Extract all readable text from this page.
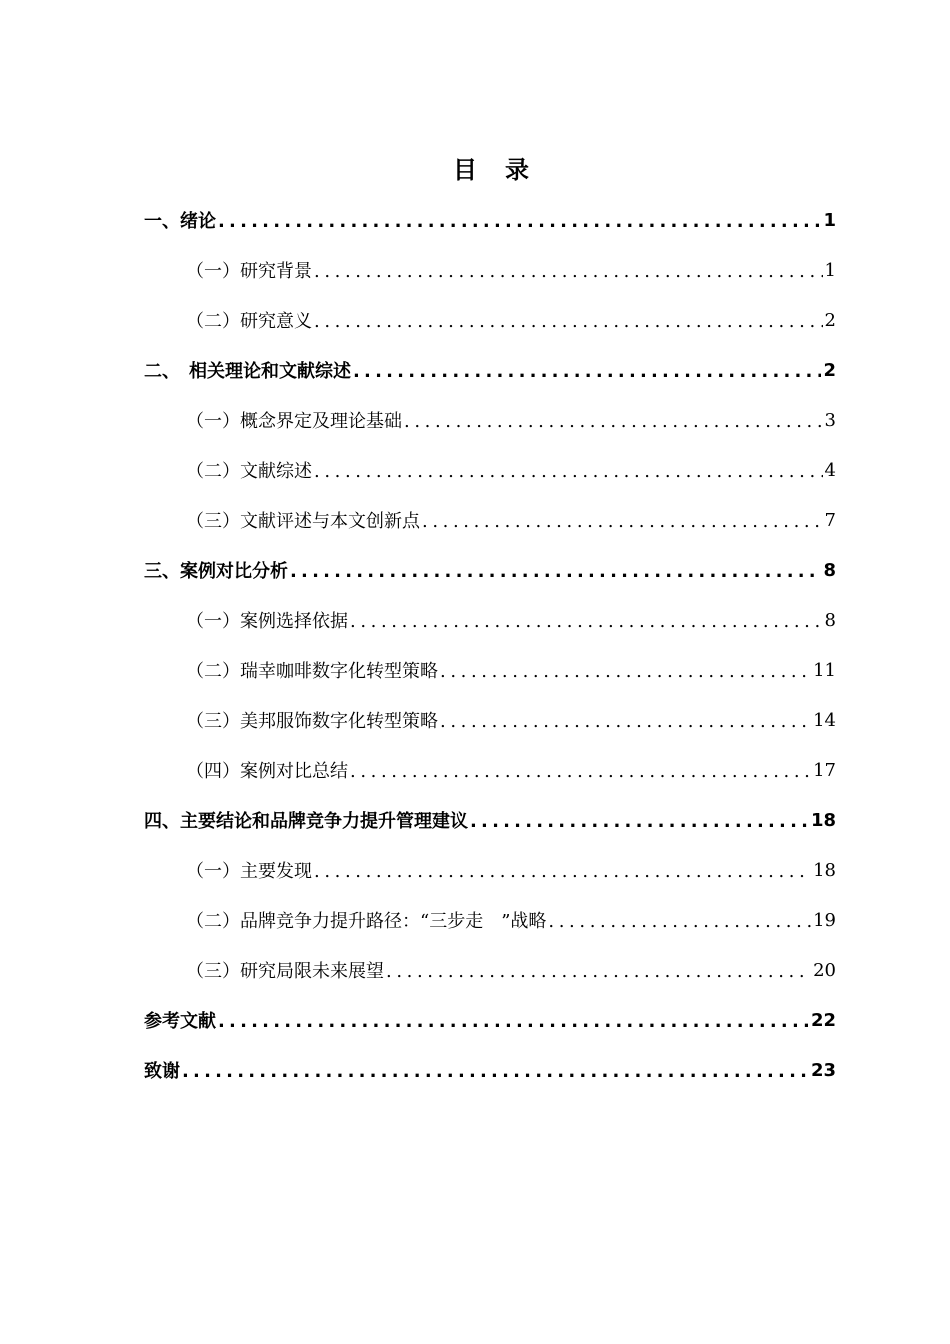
目　录
一、绪论 .....	1
（一）研究背景 .....	1
（二）研究意义 .....	2
二、　相关理论和文献综述 .....	2
（一）概念界定及理论基础 .....	3
（二）文献综述 .....	4
（三）文献评述与本文创新点 .....	7
三、案例对比分析 .....	8
（一）案例选择依据 .....	8
（二）瑞幸咖啡数字化转型策略 .....	11
（三）美邦服饰数字化转型策略 .....	14
（四）案例对比总结 .....	17
四、主要结论和品牌竞争力提升管理建议 .....	18
（一）主要发现 .....	18
（二）品牌竞争力提升路径：“三步走　”战略 .....	19
（三）研究局限未来展望 .....	20
参考文献 .....	22
致谢 .....	23
